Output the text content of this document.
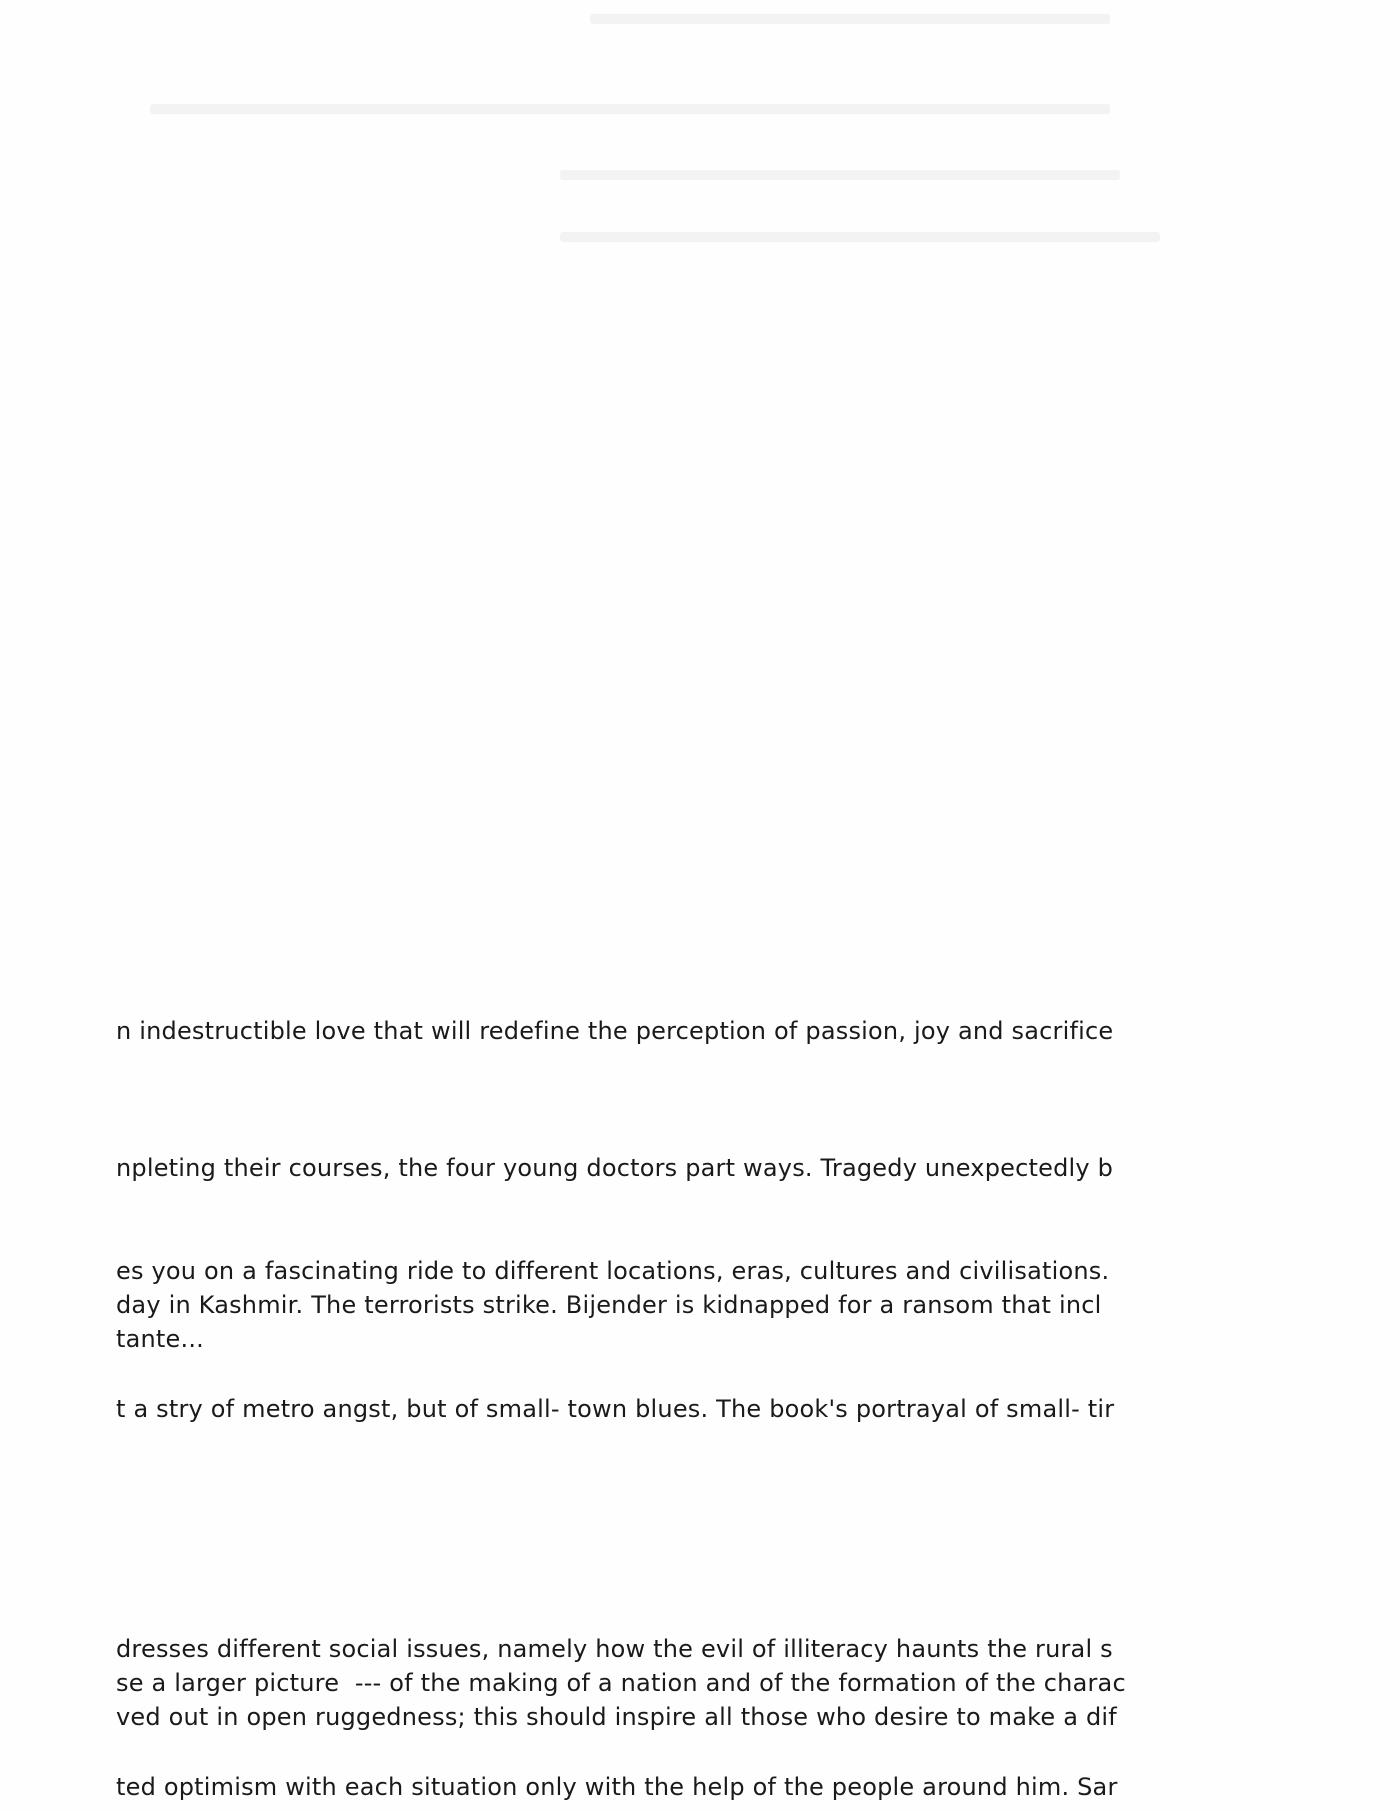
n indestructible love that will redefine the perception of passion, joy and sacrifice
npleting their courses, the four young doctors part ways. Tragedy unexpectedly b
es you on a fascinating ride to different locations, eras, cultures and civilisations.
day in Kashmir. The terrorists strike. Bijender is kidnapped for a ransom that incl
tante...
t a stry of metro angst, but of small- town blues. The book's portrayal of small- tir
dresses different social issues, namely how the evil of illiteracy haunts the rural s
se a larger picture  --- of the making of a nation and of the formation of the charac
ved out in open ruggedness; this should inspire all those who desire to make a dif
ted optimism with each situation only with the help of the people around him. Sar
